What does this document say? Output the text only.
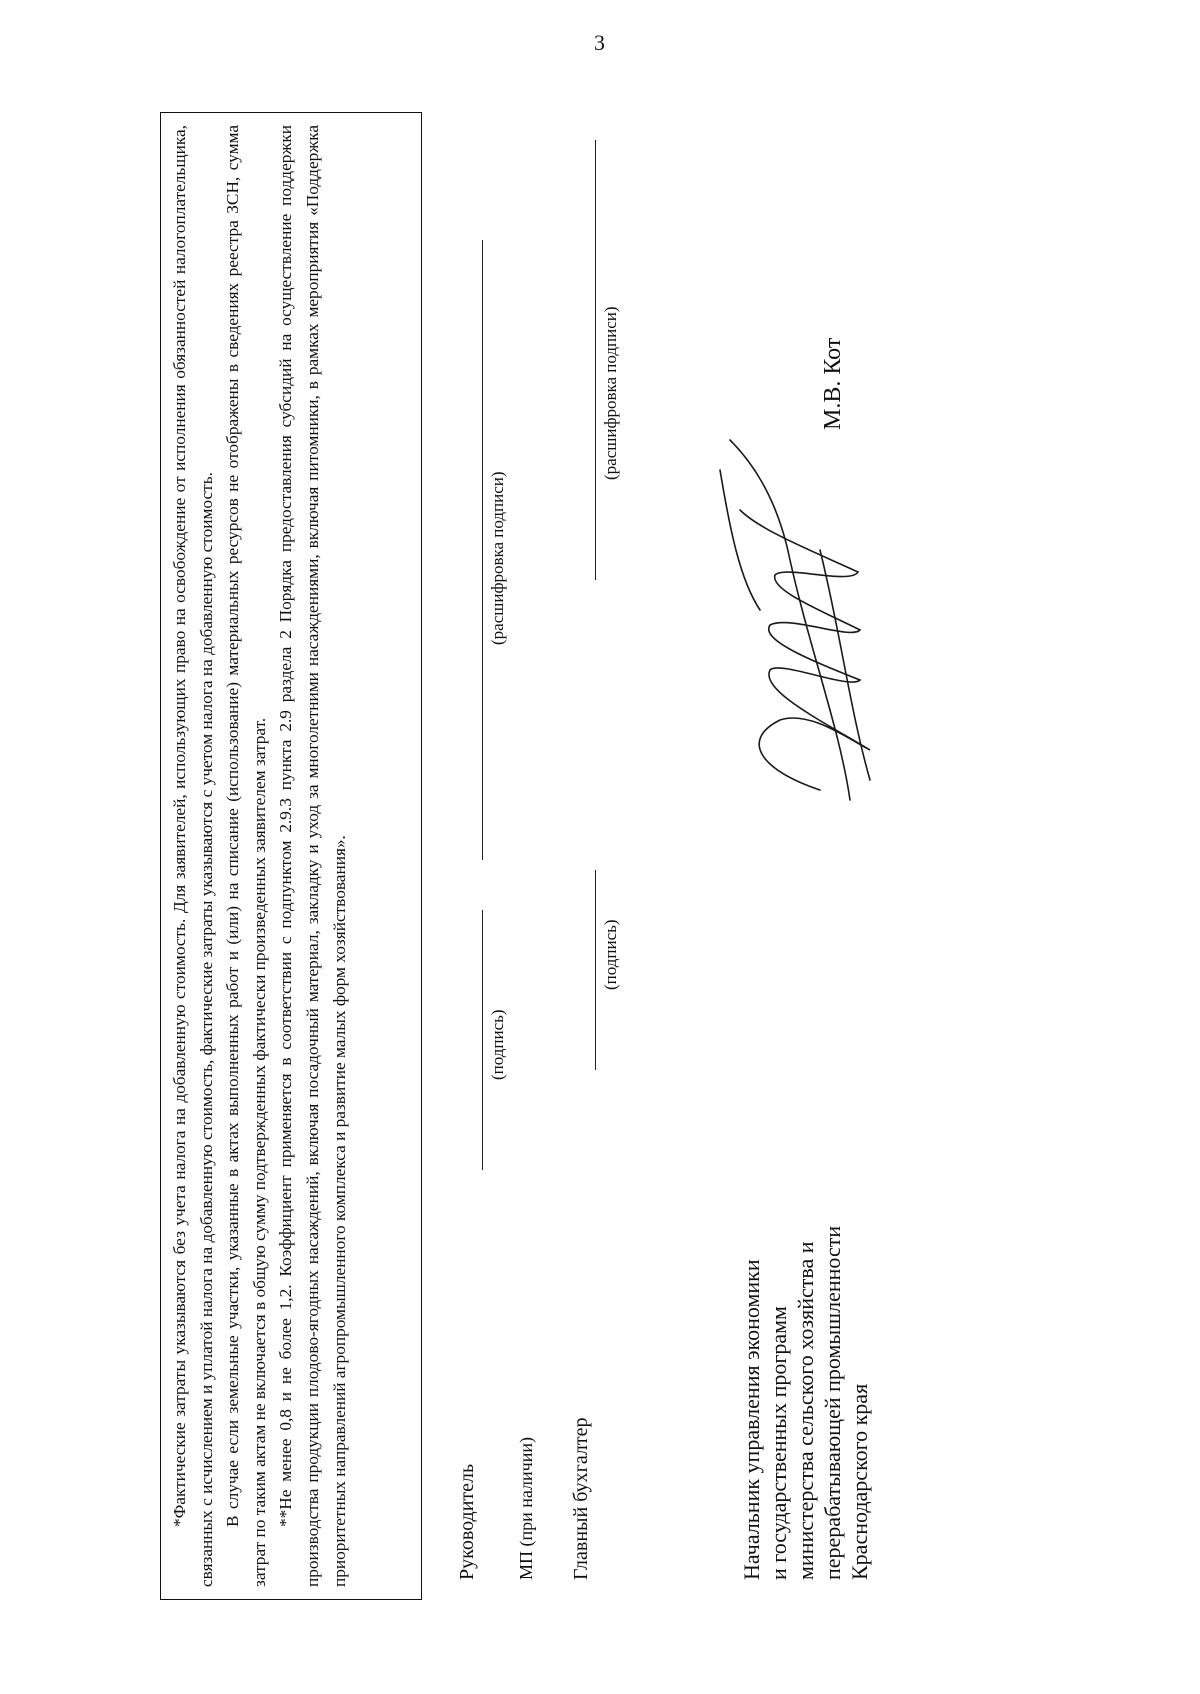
3

*Фактические затраты указываются без учета налога на добавленную стоимость. Для заявителей, использующих право на освобождение от исполнения обязанностей налогоплательщика, связанных с исчислением и уплатой налога на добавленную стоимость, фактические затраты указываются с учетом налога на добавленную стоимость. В случае если земельные участки, указанные в актах выполненных работ и (или) на списание (использование) материальных ресурсов не отображены в сведениях реестра ЗСН, сумма затрат по таким актам не включается в общую сумму подтвержденных фактически произведенных заявителем затрат. **Не менее 0,8 и не более 1,2. Коэффициент применяется в соответствии с подпунктом 2.9.3 пункта 2.9 раздела 2 Порядка предоставления субсидий на осуществление поддержки производства продукции плодово-ягодных насаждений, включая посадочный материал, закладку и уход за многолетними насаждениями, включая питомники, в рамках мероприятия «Поддержка приоритетных направлений агропромышленного комплекса и развитие малых форм хозяйствования».	Руководитель
(подпись)
(расшифровка подписи)
МП (при наличии) Главный бухгалтер
(подпись)
(расшифровка подписи)
Начальник управления экономики и государственных программ министерства сельского хозяйства и перерабатывающей промышленности Краснодарского края
М.В. Кот
